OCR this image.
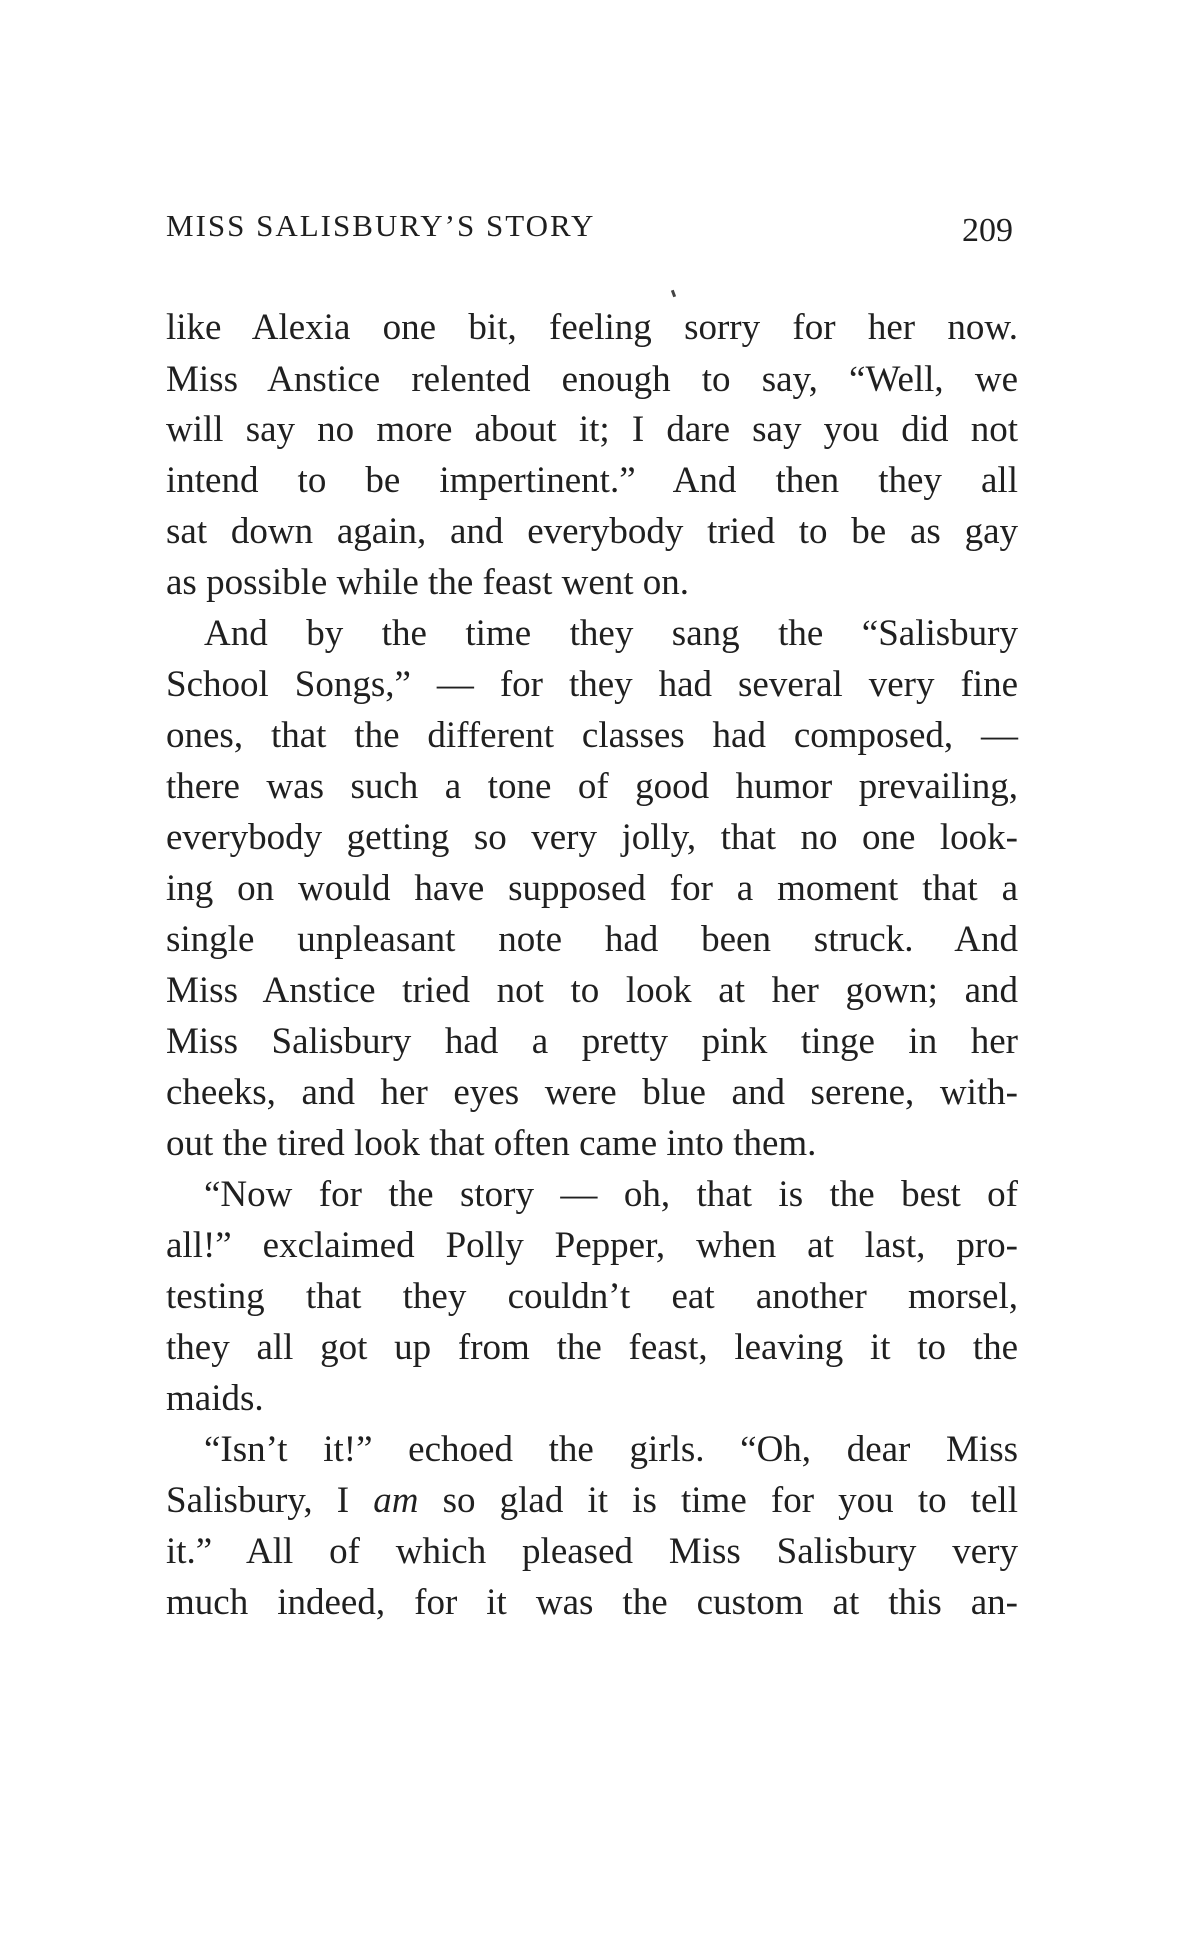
MISS SALISBURY’S STORY	209
like Alexia one bit, feeling sorry for her now.
Miss Anstice relented enough to say, “Well, we
will say no more about it; I dare say you did not
intend to be impertinent.” And then they all
sat down again, and everybody tried to be as gay
as possible while the feast went on.
And by the time they sang the “Salisbury
School Songs,” — for they had several very fine
ones, that the different classes had composed, —
there was such a tone of good humor prevailing,
everybody getting so very jolly, that no one look-
ing on would have supposed for a moment that a
single unpleasant note had been struck. And
Miss Anstice tried not to look at her gown; and
Miss Salisbury had a pretty pink tinge in her
cheeks, and her eyes were blue and serene, with-
out the tired look that often came into them.
“Now for the story — oh, that is the best of
all!” exclaimed Polly Pepper, when at last, pro-
testing that they couldn’t eat another morsel,
they all got up from the feast, leaving it to the
maids.
“Isn’t it!” echoed the girls. “Oh, dear Miss
Salisbury, I am so glad it is time for you to tell
it.” All of which pleased Miss Salisbury very
much indeed, for it was the custom at this an-
